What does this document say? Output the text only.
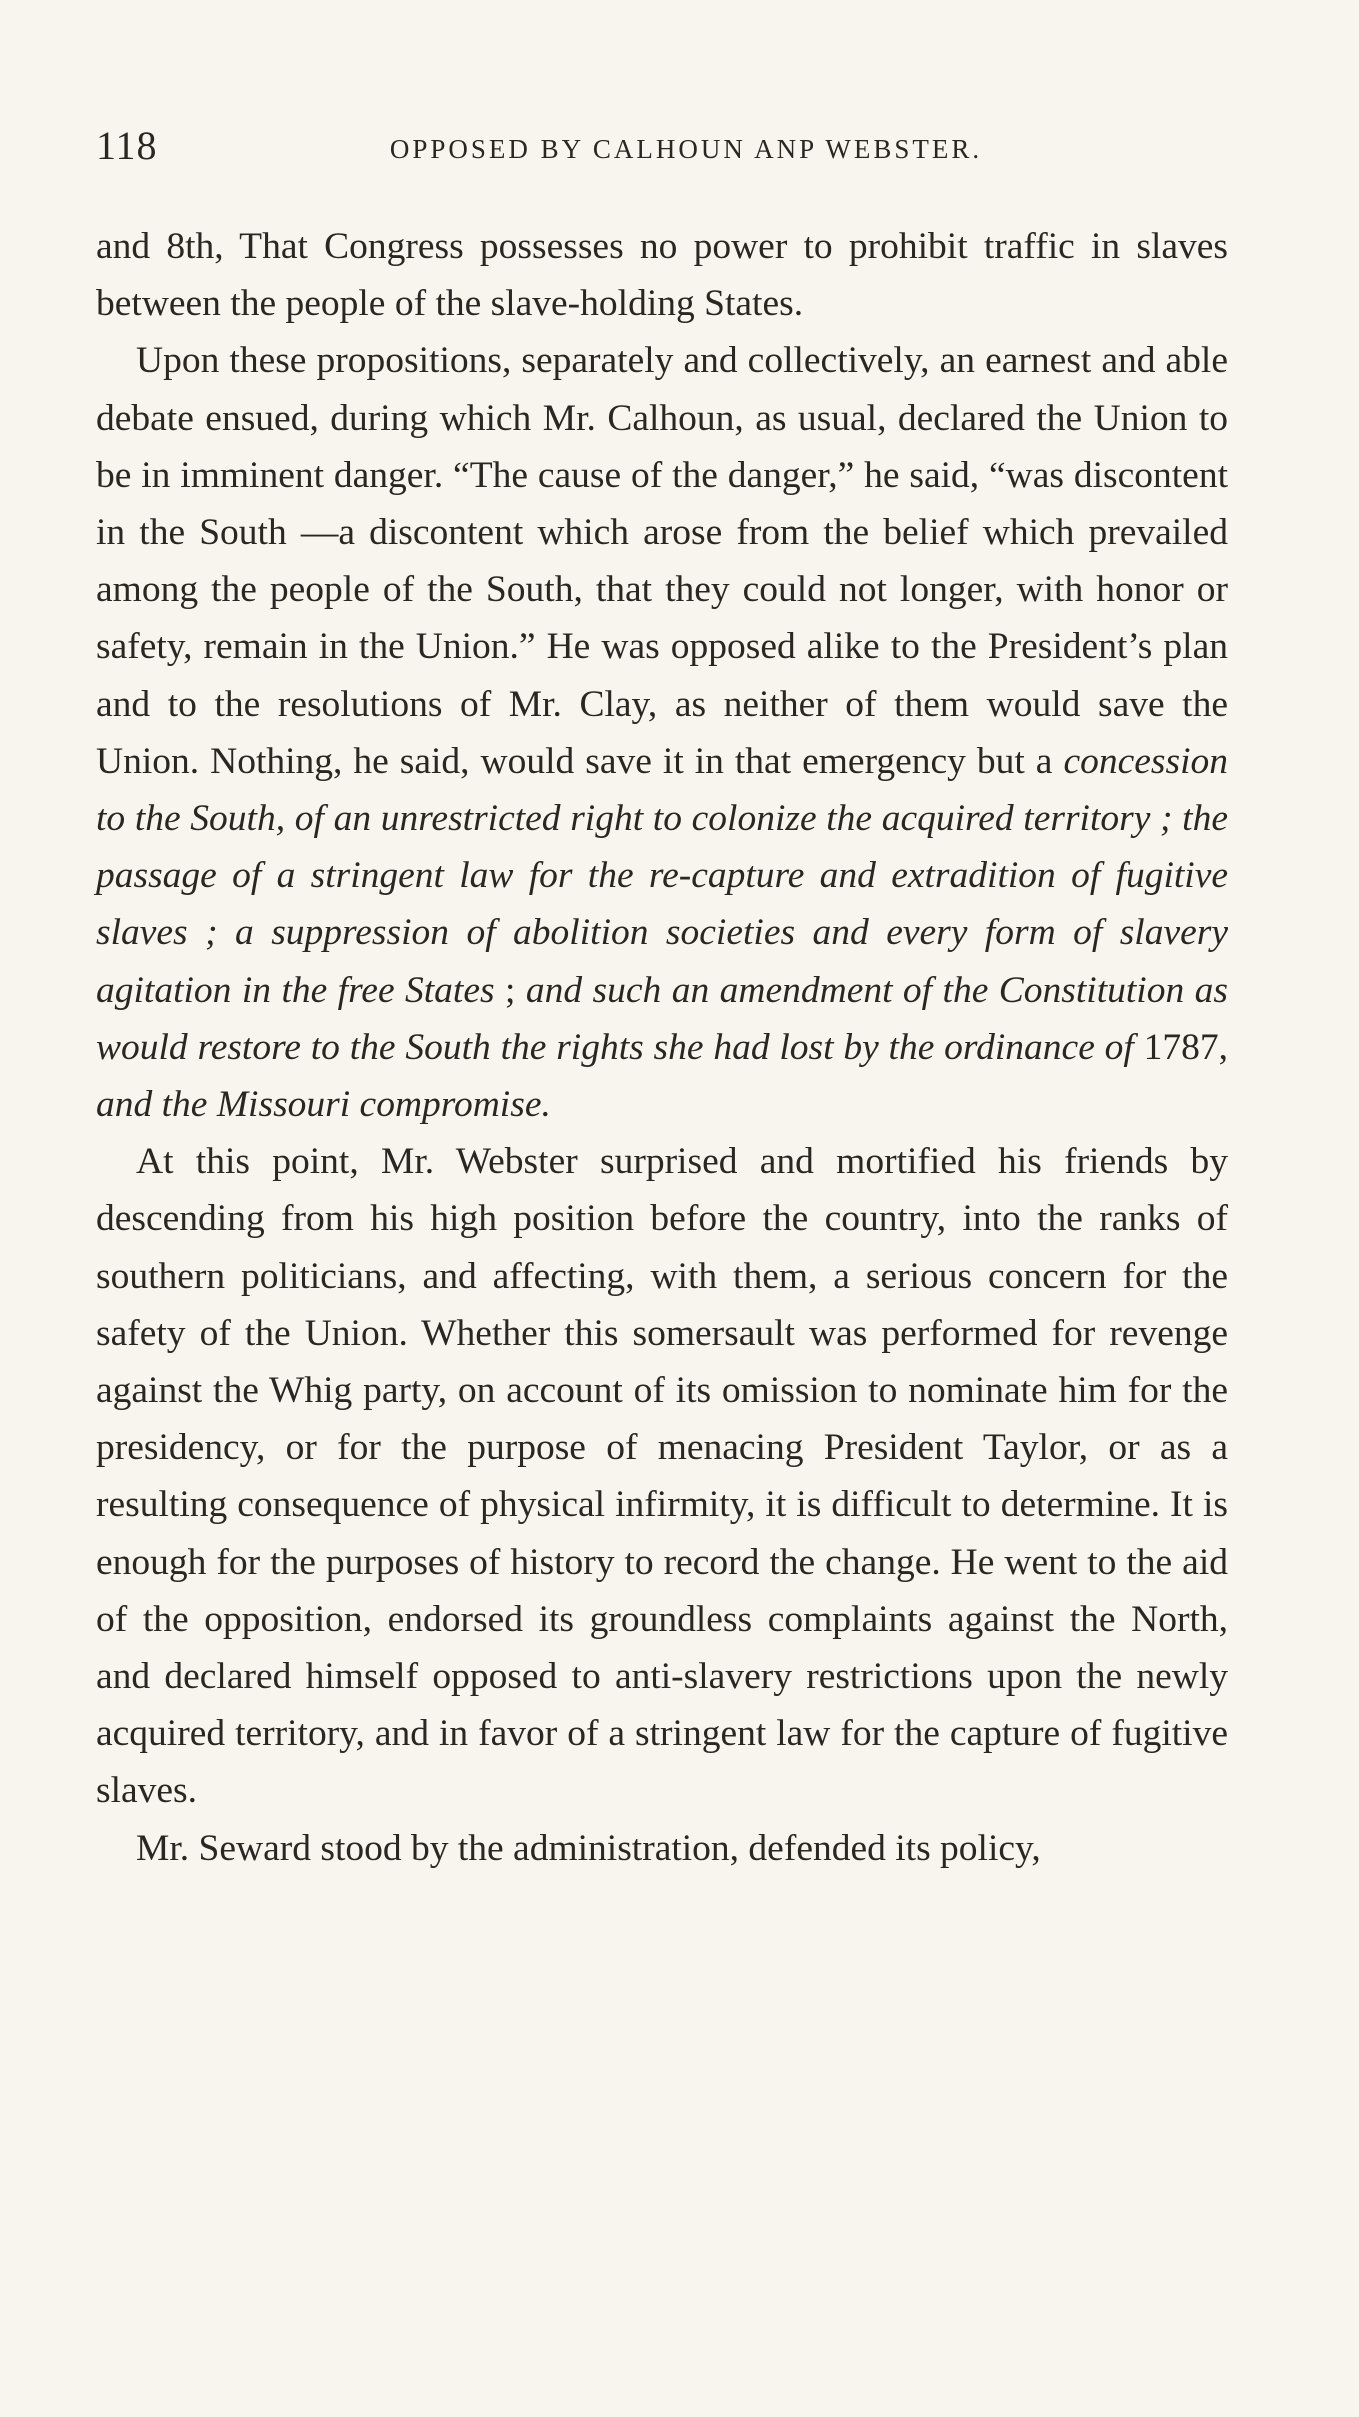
118	OPPOSED BY CALHOUN ANP WEBSTER.

and 8th, That Congress possesses no power to prohibit traffic in slaves between the people of the slave-holding States.

Upon these propositions, separately and collectively, an earnest and able debate ensued, during which Mr. Calhoun, as usual, declared the Union to be in imminent danger. “The cause of the danger,” he said, “was discontent in the South —a discontent which arose from the belief which prevailed among the people of the South, that they could not longer, with honor or safety, remain in the Union.” He was opposed alike to the President’s plan and to the resolutions of Mr. Clay, as neither of them would save the Union. Nothing, he said, would save it in that emergency but a concession to the South, of an unrestricted right to colonize the acquired territory ; the passage of a stringent law for the re-capture and extradition of fugitive slaves ; a suppression of abolition societies and every form of slavery agitation in the free States ; and such an amendment of the Constitution as would restore to the South the rights she had lost by the ordinance of 1787, and the Missouri compromise.

At this point, Mr. Webster surprised and mortified his friends by descending from his high position before the country, into the ranks of southern politicians, and affecting, with them, a serious concern for the safety of the Union. Whether this somersault was performed for revenge against the Whig party, on account of its omission to nominate him for the presidency, or for the purpose of menacing President Taylor, or as a resulting consequence of physical infirmity, it is difficult to determine. It is enough for the purposes of history to record the change. He went to the aid of the opposition, endorsed its groundless complaints against the North, and declared himself opposed to anti-slavery restrictions upon the newly acquired territory, and in favor of a stringent law for the capture of fugitive slaves.

Mr. Seward stood by the administration, defended its policy,
